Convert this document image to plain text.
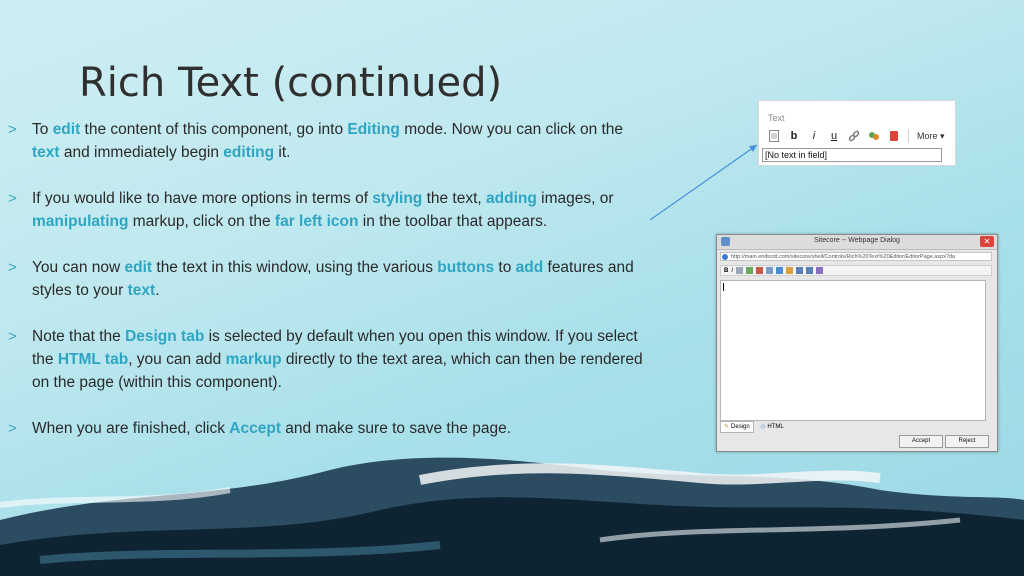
Rich Text (continued)
> To edit the content of this component, go into Editing mode. Now you can click on the text and immediately begin editing it.
> If you would like to have more options in terms of styling the text, adding images, or manipulating markup, click on the far left icon in the toolbar that appears.
> You can now edit the text in this window, using the various buttons to add features and styles to your text.
> Note that the Design tab is selected by default when you open this window. If you select the HTML tab, you can add markup directly to the text area, which can then be rendered on the page (within this component).
> When you are finished, click Accept and make sure to save the page.
Text
b	i	u	More ▾
[No text in field]
Sitecore -- Webpage Dialog	✕
http://main.endicott.com/sitecore/shell/Controls/Rich%20Text%20Editor/EditorPage.aspx?da
B I
✎ Design ◇ HTML
Accept	Reject
